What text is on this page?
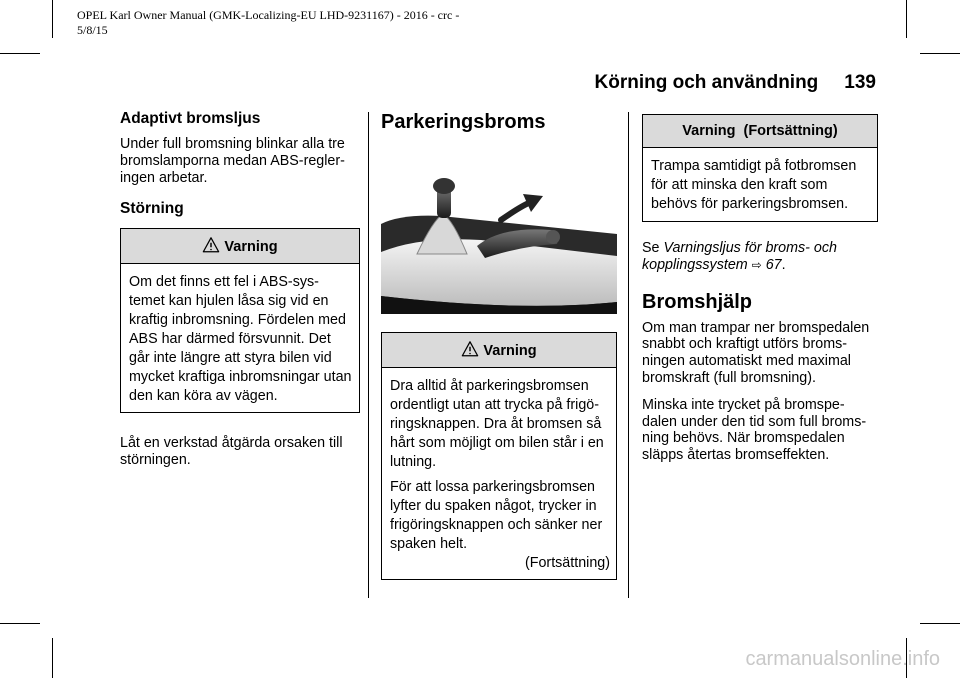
OPEL Karl Owner Manual (GMK-Localizing-EU LHD-9231167) - 2016 - crc -
5/8/15
Körning och användning 139
Adaptivt bromsljus

Under full bromsning blinkar alla tre bromslamporna medan ABS-regler-ingen arbetar.

Störning
Varning

Om det finns ett fel i ABS-sys-temet kan hjulen låsa sig vid en kraftig inbromsning. Fördelen med ABS har därmed försvunnit. Det går inte längre att styra bilen vid mycket kraftiga inbromsningar utan den kan köra av vägen.

Låt en verkstad åtgärda orsaken till störningen.

Parkeringsbroms
Varning

Dra alltid åt parkeringsbromsen ordentligt utan att trycka på frigö-ringsknappen. Dra åt bromsen så hårt som möjligt om bilen står i en lutning.

För att lossa parkeringsbromsen lyfter du spaken något, trycker in frigöringsknappen och sänker ner spaken helt.

(Fortsättning)
Varning  (Fortsättning)

Trampa samtidigt på fotbromsen för att minska den kraft som behövs för parkeringsbromsen.

Se Varningsljus för broms- och kopplingssystem ⇨ 67.

Bromshjälp

Om man trampar ner bromspedalen snabbt och kraftigt utförs broms-ningen automatiskt med maximal bromskraft (full bromsning).

Minska inte trycket på bromspe-dalen under den tid som full broms-ning behövs. När bromspedalen släpps återtas bromseffekten.

carmanualsonline.info
